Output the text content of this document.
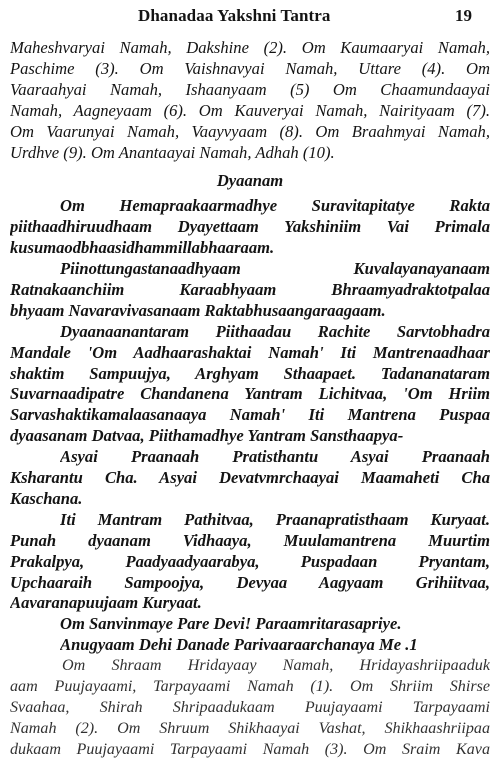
Dhanadaa Yakshni Tantra	19
Maheshvaryai Namah, Dakshine (2). Om Kaumaaryai Namah,
Paschime (3). Om Vaishnavyai Namah, Uttare (4). Om
Vaaraahyai Namah, Ishaanyaam (5) Om Chaamundaayai
Namah, Aagneyaam (6). Om Kauveryai Namah, Nairityaam (7).
Om Vaarunyai Namah, Vaayvyaam (8). Om Braahmyai Namah,
Urdhve (9). Om Anantaayai Namah, Adhah (10).
Dyaanam
Om Hemapraakaarmadhye Suravitapitatye Rakta
piithaadhiruudhaam Dyayettaam Yakshiniim Vai Primala
kusumaodbhaasidhammillabhaaraam.
Piinottungastanaadhyaam Kuvalayanayanaam
Ratnakaanchiim Karaabhyaam Bhraamyadraktotpalaa
bhyaam Navaravivasanaam Raktabhusaangaraagaam.
Dyaanaanantaram Piithaadau Rachite Sarvtobhadra
Mandale 'Om Aadhaarashaktai Namah' Iti Mantrenaadhaar
shaktim Sampuujya, Arghyam Sthaapaet. Tadananataram
Suvarnaadipatre Chandanena Yantram Lichitvaa, 'Om Hriim
Sarvashaktikamalaasanaaya Namah' Iti Mantrena Puspaa
dyaasanam Datvaa, Piithamadhye Yantram Sansthaapya-
Asyai Praanaah Pratisthantu Asyai Praanaah
Ksharantu Cha. Asyai Devatvmrchaayai Maamaheti Cha
Kaschana.
Iti Mantram Pathitvaa, Praanapratisthaam Kuryaat.
Punah dyaanam Vidhaaya, Muulamantrena Muurtim
Prakalpya, Paadyaadyaarabya, Puspadaan Pryantam,
Upchaaraih Sampoojya, Devyaa Aagyaam Grihiitvaa,
Aavaranapuujaam Kuryaat.
Om Sanvinmaye Pare Devi! Paraamritarasapriye.
Anugyaam Dehi Danade Parivaaraarchanaya Me .1
Om Shraam Hridayaay Namah, Hridayashriipaaduk
aam Puujayaami, Tarpayaami Namah (1). Om Shriim Shirse
Svaahaa, Shirah Shripaadukaam Puujayaami Tarpayaami
Namah (2). Om Shruum Shikhaayai Vashat, Shikhaashriipaa
dukaam Puujayaami Tarpayaami Namah (3). Om Sraim Kava
